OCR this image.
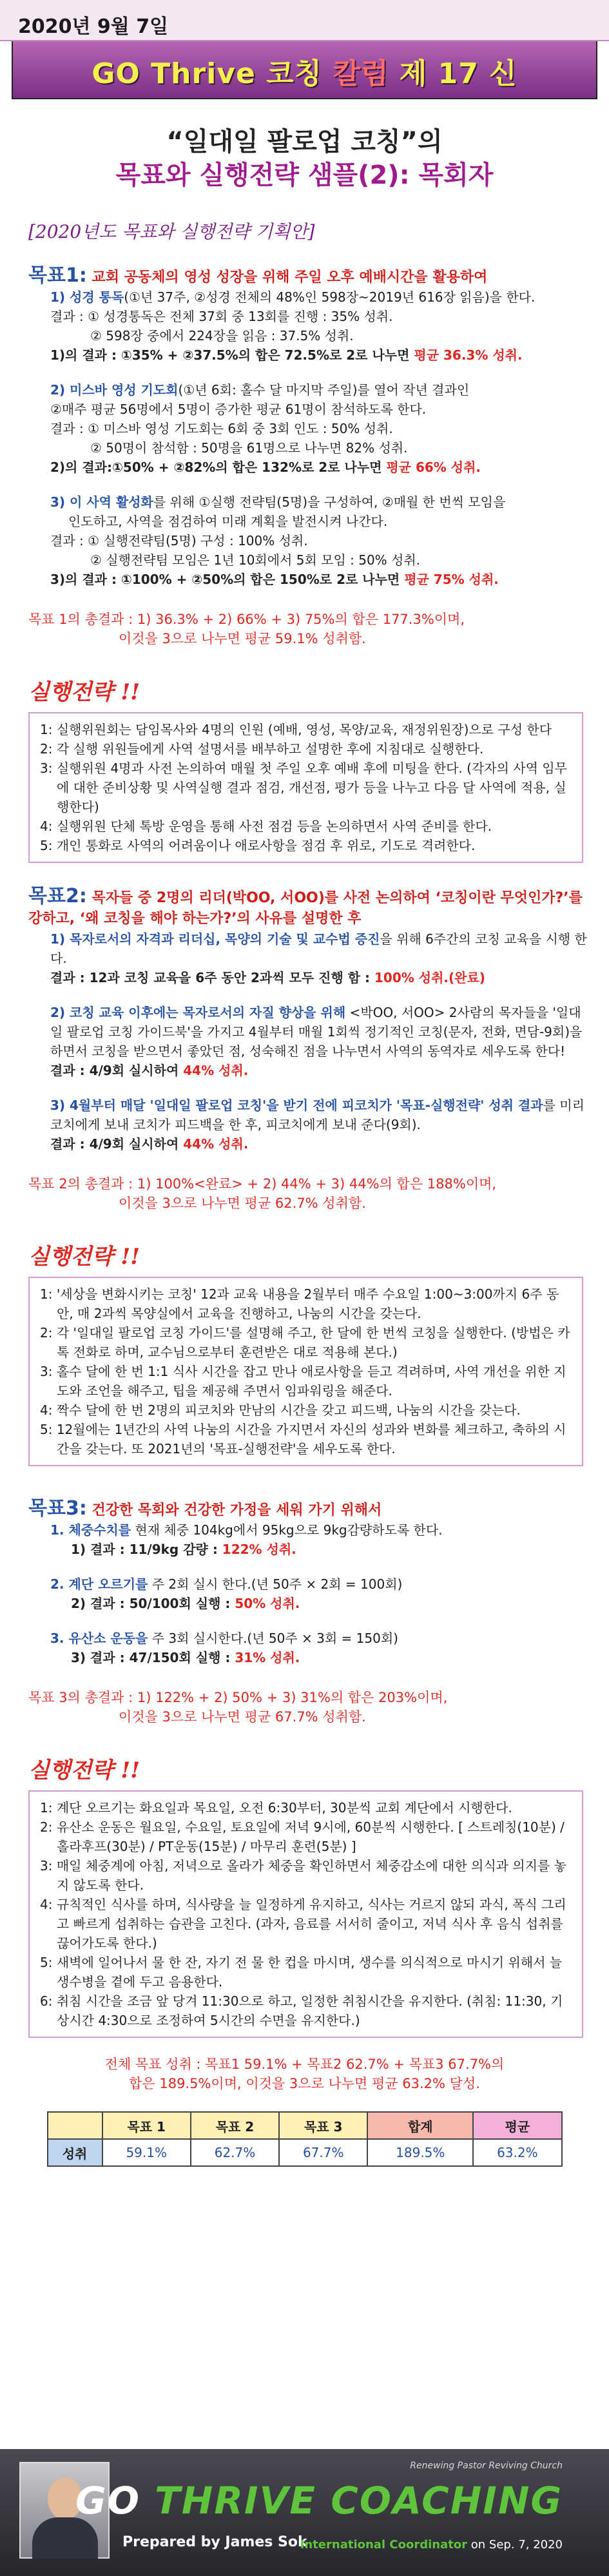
2020년 9월 7일
GO Thrive 코칭 칼럼 제 17 신
“일대일 팔로업 코칭”의
목표와 실행전략 샘플(2): 목회자
[2020년도 목표와 실행전략 기획안]
목표1: 교회 공동체의 영성 성장을 위해 주일 오후 예배시간을 활용하여
1) 성경 통독(①년 37주, ②성경 전체의 48%인 598장~2019년 616장 읽음)을 한다.
결과 : ① 성경통독은 전체 37회 중 13회를 진행 : 35% 성취.
② 598장 중에서 224장을 읽음 : 37.5% 성취.
1)의 결과 : ①35% + ②37.5%의 합은 72.5%로 2로 나누면 평균 36.3% 성취.
2) 미스바 영성 기도회(①년 6회: 홀수 달 마지막 주일)를 열어 작년 결과인
②매주 평균 56명에서 5명이 증가한 평균 61명이 참석하도록 한다.
결과 : ① 미스바 영성 기도회는 6회 중 3회 인도 : 50% 성취.
② 50명이 참석함 : 50명을 61명으로 나누면 82% 성취.
2)의 결과:①50% + ②82%의 합은 132%로 2로 나누면 평균 66% 성취.
3) 이 사역 활성화를 위해 ①실행 전략팀(5명)을 구성하여, ②매월 한 번씩 모임을
인도하고, 사역을 점검하여 미래 계획을 발전시켜 나간다.
결과 : ① 실행전략팀(5명) 구성 : 100% 성취.
② 실행전략팀 모임은 1년 10회에서 5회 모임 : 50% 성취.
3)의 결과 : ①100% + ②50%의 합은 150%로 2로 나누면 평균 75% 성취.
목표 1의 총결과 : 1) 36.3% + 2) 66% + 3) 75%의 합은 177.3%이며,
이것을 3으로 나누면 평균 59.1% 성취함.
실행전략 !!
1: 실행위원회는 담임목사와 4명의 인원 (예배, 영성, 목양/교육, 재정위원장)으로 구성 한다
2: 각 실행 위원들에게 사역 설명서를 배부하고 설명한 후에 지침대로 실행한다.
3: 실행위원 4명과 사전 논의하여 매월 첫 주일 오후 예배 후에 미팅을 한다. (각자의 사역 임무에 대한 준비상황 및 사역실행 결과 점검, 개선점, 평가 등을 나누고 다음 달 사역에 적용, 실행한다)
4: 실행위원 단체 톡방 운영을 통해 사전 점검 등을 논의하면서 사역 준비를 한다.
5: 개인 통화로 사역의 어려움이나 애로사항을 점검 후 위로, 기도로 격려한다.
목표2: 목자들 중 2명의 리더(박OO, 서OO)를 사전 논의하여 ‘코칭이란 무엇인가?’를 강하고, ‘왜 코칭을 해야 하는가?’의 사유를 설명한 후
1) 목자로서의 자격과 리더십, 목양의 기술 및 교수법 증진을 위해 6주간의 코칭 교육을 시행 한다.
결과 : 12과 코칭 교육을 6주 동안 2과씩 모두 진행 함 : 100% 성취.(완료)
2) 코칭 교육 이후에는 목자로서의 자질 향상을 위해 <박OO, 서OO> 2사람의 목자들을 '일대일 팔로업 코칭 가이드북'을 가지고 4월부터 매월 1회씩 정기적인 코칭(문자, 전화, 면담-9회)을 하면서 코칭을 받으면서 좋았던 점, 성숙해진 점을 나누면서 사역의 동역자로 세우도록 한다!
결과 : 4/9회 실시하여 44% 성취.
3) 4월부터 매달 '일대일 팔로업 코칭'을 받기 전에 피코치가 '목표-실행전략' 성취 결과를 미리 코치에게 보내 코치가 피드백을 한 후, 피코치에게 보내 준다(9회).
결과 : 4/9회 실시하여 44% 성취.
목표 2의 총결과 : 1) 100%<완료> + 2) 44% + 3) 44%의 합은 188%이며,
이것을 3으로 나누면 평균 62.7% 성취함.
실행전략 !!
1: '세상을 변화시키는 코칭' 12과 교육 내용을 2월부터 매주 수요일 1:00~3:00까지 6주 동안, 매 2과씩 목양실에서 교육을 진행하고, 나눔의 시간을 갖는다.
2: 각 '일대일 팔로업 코칭 가이드'를 설명해 주고, 한 달에 한 번씩 코칭을 실행한다. (방법은 카톡 전화로 하며, 교수님으로부터 훈련받은 대로 적용해 본다.)
3: 홀수 달에 한 번 1:1 식사 시간을 잡고 만나 애로사항을 듣고 격려하며, 사역 개선을 위한 지도와 조언을 해주고, 팁을 제공해 주면서 임파워링을 해준다.
4: 짝수 달에 한 번 2명의 피코치와 만남의 시간을 갖고 피드백, 나눔의 시간을 갖는다.
5: 12월에는 1년간의 사역 나눔의 시간을 가지면서 자신의 성과와 변화를 체크하고, 축하의 시간을 갖는다. 또 2021년의 '목표-실행전략'을 세우도록 한다.
목표3: 건강한 목회와 건강한 가정을 세워 가기 위해서
1. 체중수치를 현재 체중 104kg에서 95kg으로 9kg감량하도록 한다.
1) 결과 : 11/9kg 감량 : 122% 성취.
2. 계단 오르기를 주 2회 실시 한다.(년 50주 × 2회 = 100회)
2) 결과 : 50/100회 실행 : 50% 성취.
3. 유산소 운동을 주 3회 실시한다.(년 50주 × 3회 = 150회)
3) 결과 : 47/150회 실행 : 31% 성취.
목표 3의 총결과 : 1) 122% + 2) 50% + 3) 31%의 합은 203%이며,
이것을 3으로 나누면 평균 67.7% 성취함.
실행전략 !!
1: 계단 오르기는 화요일과 목요일, 오전 6:30부터, 30분씩 교회 계단에서 시행한다.
2: 유산소 운동은 월요일, 수요일, 토요일에 저녁 9시에, 60분씩 시행한다. [ 스트레칭(10분) / 홀라후프(30분) / PT운동(15분) / 마무리 훈련(5분) ]
3: 매일 체중계에 아침, 저녁으로 올라가 체중을 확인하면서 체중감소에 대한 의식과 의지를 놓지 않도록 한다.
4: 규칙적인 식사를 하며, 식사량을 늘 일정하게 유지하고, 식사는 거르지 않되 과식, 폭식 그리고 빠르게 섭취하는 습관을 고친다. (과자, 음료를 서서히 줄이고, 저녁 식사 후 음식 섭취를 끊어가도록 한다.)
5: 새벽에 일어나서 물 한 잔, 자기 전 물 한 컵을 마시며, 생수를 의식적으로 마시기 위해서 늘 생수병을 곁에 두고 음용한다.
6: 취침 시간을 조금 앞 당겨 11:30으로 하고, 일정한 취침시간을 유지한다. (취침: 11:30, 기상시간 4:30으로 조정하여 5시간의 수면을 유지한다.)
전체 목표 성취 : 목표1 59.1% + 목표2 62.7% + 목표3 67.7%의
합은 189.5%이며, 이것을 3으로 나누면 평균 63.2% 달성.
	목표 1	목표 2	목표 3	합계	평균
성취	59.1%	62.7%	67.7%	189.5%	63.2%
Renewing Pastor Reviving Church
GO THRIVE COACHING
Prepared by James Sok
International Coordinator on Sep. 7, 2020
